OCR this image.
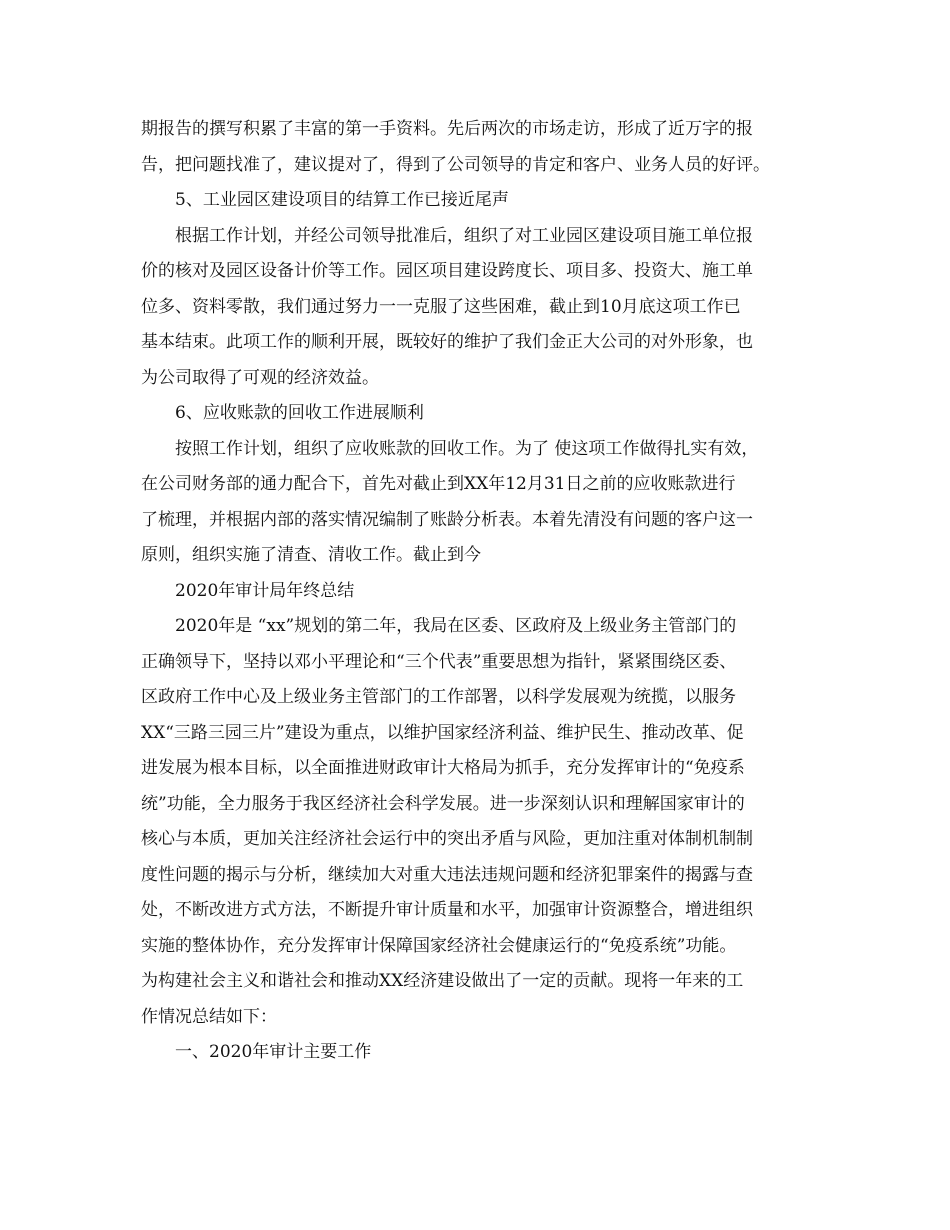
期报告的撰写积累了丰富的第一手资料。先后两次的市场走访，形成了近万字的报
告，把问题找准了，建议提对了，得到了公司领导的肯定和客户、业务人员的好评。
5、工业园区建设项目的结算工作已接近尾声
根据工作计划，并经公司领导批准后，组织了对工业园区建设项目施工单位报
价的核对及园区设备计价等工作。园区项目建设跨度长、项目多、投资大、施工单
位多、资料零散，我们通过努力一一克服了这些困难，截止到10月底这项工作已
基本结束。此项工作的顺利开展，既较好的维护了我们金正大公司的对外形象，也
为公司取得了可观的经济效益。
6、应收账款的回收工作进展顺利
按照工作计划，组织了应收账款的回收工作。为了 使这项工作做得扎实有效，
在公司财务部的通力配合下，首先对截止到XX年12月31日之前的应收账款进行
了梳理，并根据内部的落实情况编制了账龄分析表。本着先清没有问题的客户这一
原则，组织实施了清查、清收工作。截止到今
2020年审计局年终总结
2020年是 “xx”规划的第二年，我局在区委、区政府及上级业务主管部门的
正确领导下，坚持以邓小平理论和“三个代表”重要思想为指针，紧紧围绕区委、
区政府工作中心及上级业务主管部门的工作部署，以科学发展观为统揽，以服务
XX“三路三园三片”建设为重点，以维护国家经济利益、维护民生、推动改革、促
进发展为根本目标，以全面推进财政审计大格局为抓手，充分发挥审计的“免疫系
统”功能，全力服务于我区经济社会科学发展。进一步深刻认识和理解国家审计的
核心与本质，更加关注经济社会运行中的突出矛盾与风险，更加注重对体制机制制
度性问题的揭示与分析，继续加大对重大违法违规问题和经济犯罪案件的揭露与查
处，不断改进方式方法，不断提升审计质量和水平，加强审计资源整合，增进组织
实施的整体协作，充分发挥审计保障国家经济社会健康运行的“免疫系统”功能。
为构建社会主义和谐社会和推动XX经济建设做出了一定的贡献。现将一年来的工
作情况总结如下：
一、2020年审计主要工作
